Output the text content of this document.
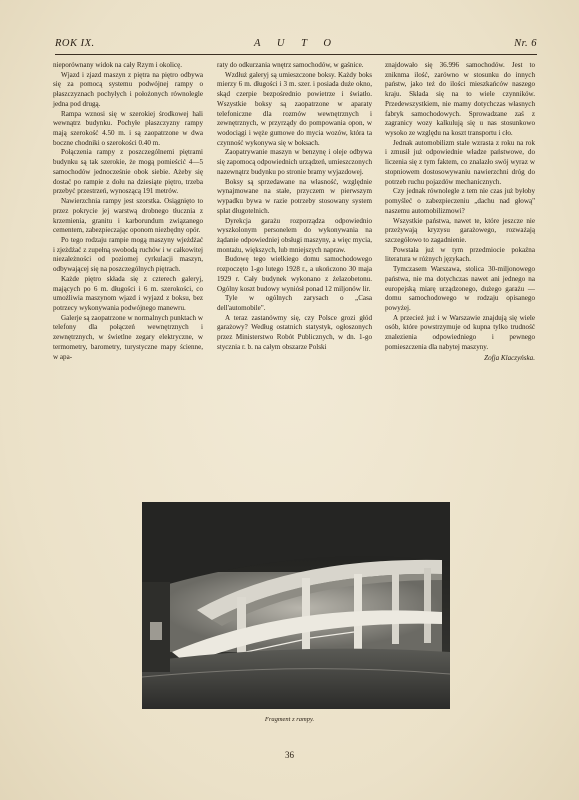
ROK IX.	A U T O	Nr. 6

nieporównany widok na cały Rzym i okolicę.

Wjazd i zjazd maszyn z piętra na piętro odbywa się za pomocą systemu podwójnej rampy o płaszczyznach pochyłych i położonych równolegle jedna pod drugą.

Rampa wznosi się w szerokiej środkowej hali wewnątrz budynku. Pochyłe płaszczyzny rampy mają szerokość 4.50 m. i są zaopatrzone w dwa boczne chodniki o szerokości 0.40 m.

Połączenia rampy z poszczególnemi piętrami budynku są tak szerokie, że mogą pomieścić 4—5 samochodów jednocześnie obok siebie. Ażeby się dostać po rampie z dołu na dziesiąte piętro, trzeba przebyć przestrzeń, wynoszącą 191 metrów.

Nawierzchnia rampy jest szorstka. Osiągnięto to przez pokrycie jej warstwą drobnego tłucznia z krzemienia, granitu i karborundum związanego cementem, zabezpieczając oponom niezbędny opór.

Po tego rodzaju rampie mogą maszyny wjeżdżać i zjeżdżać z zupełną swobodą ruchów i w całkowitej niezależności od poziomej cyrkulacji maszyn, odbywającej się na poszczególnych piętrach.

Każde piętro składa się z czterech galeryj, mających po 6 m. długości i 6 m. szerokości, co umożliwia maszynom wjazd i wyjazd z boksu, bez potrzecy wykonywania podwójnego manewru.

Galerje są zaopatrzone w normalnych punktach w telefony dla połączeń wewnętrznych i zewnętrznych, w świetlne zegary elektryczne, w termometry, barometry, turystyczne mapy ścienne, w apa-

raty do odkurzania wnętrz samochodów, w gaśnice.

Wzdłuż galeryj są umieszczone boksy. Każdy boks mierzy 6 m. długości i 3 m. szer. i posiada duże okno, skąd czerpie bezpośrednio powietrze i światło. Wszystkie boksy są zaopatrzone w aparaty telefoniczne dla rozmów wewnętrznych i zewnętrznych, w przyrządy do pompowania opon, w wodociągi i węże gumowe do mycia wozów, która ta czynność wykonywa się w boksach.

Zaopatrywanie maszyn w benzynę i oleje odbywa się zapomocą odpowiednich urządzeń, umieszczonych nazewnątrz budynku po stronie bramy wyjazdowej.

Boksy są sprzedawane na własność, względnie wynajmowane na stałe, przyczem w pierwszym wypadku bywa w razie potrzeby stosowany system spłat długotelnich.

Dyrekcja garażu rozporządza odpowiednio wyszkolonym personelem do wykonywania na żądanie odpowiedniej obsługi maszyny, a więc mycia, montażu, większych, lub mniejszych napraw.

Budowę tego wielkiego domu samochodowego rozpoczęto 1-go lutego 1928 r., a ukończono 30 maja 1929 r. Cały budynek wykonano z żelazobetonu. Ogólny koszt budowy wyniósł ponad 12 miljonów lir.

Tyle w ogólnych zarysach o „Casa dell'automobile".

A teraz zastanówmy się, czy Polsce grozi głód garażowy? Według ostatnich statystyk, ogłoszonych przez Ministerstwo Robót Publicznych, w dn. 1-go stycznia r. b. na całym obszarze Polski

znajdowało się 36.996 samochodów. Jest to zniknma ilość, zarówno w stosunku do innych państw, jako też do ilości mieszkańców naszego kraju. Składa się na to wiele czynników. Przedewszystkiem, nie mamy dotychczas własnych fabryk samochodowych. Sprowadzane zaś z zagranicy wozy kalkulują się u nas stosunkowo wysoko ze względu na koszt transportu i cło.

Jednak automobilizm stale wzrasta z roku na rok i zmusił już odpowiednie władze państwowe, do liczenia się z tym faktem, co znalazło swój wyraz w stopniowem dostosowywaniu nawierzchni dróg do potrzeb ruchu pojazdów mechanicznych.

Czy jednak równolegle z tem nie czas już byłoby pomyśleć o zabezpieczeniu „dachu nad głową" naszemu automobilizmowi?

Wszystkie państwa, nawet te, które jeszcze nie przeżywają kryzysu garażowego, rozważają szczegółowo to zagadnienie.

Powstała już w tym przedmiocie pokaźna literatura w różnych językach.

Tymczasem Warszawa, stolica 30-miljonowego państwa, nie ma dotychczas nawet ani jednego na europejską miarę urządzonego, dużego garażu — domu samochodowego w rodzaju opisanego powyżej.

A przecież już i w Warszawie znajdują się wiele osób, które powstrzymuje od kupna tylko trudność znalezienia odpowiedniego i pewnego pomieszczenia dla nabytej maszyny.

Zofja Klaczyńska.
Fragment z rampy.
36
